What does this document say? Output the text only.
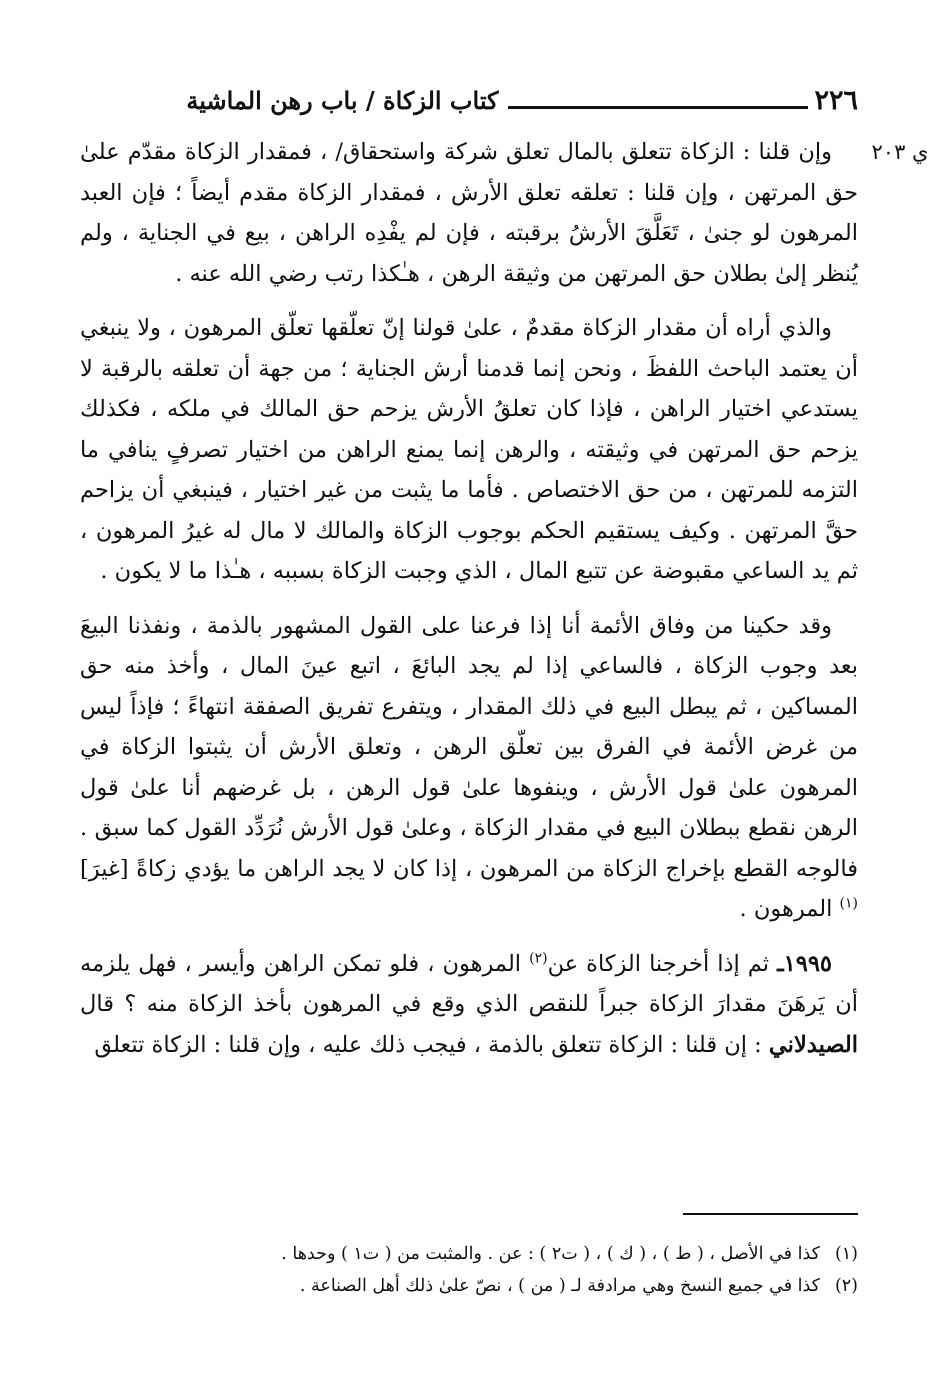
٢٢٦
كتاب الزكاة / باب رهن الماشية
ي ٢٠٣

وإن قلنا : الزكاة تتعلق بالمال تعلق شركة واستحقاق/ ، فمقدار الزكاة مقدّم علىٰ حق المرتهن ، وإن قلنا : تعلقه تعلق الأرش ، فمقدار الزكاة مقدم أيضاً ؛ فإن العبد المرهون لو جنىٰ ، تَعَلَّقَ الأرشُ برقبته ، فإن لم يفْدِه الراهن ، بيع في الجناية ، ولم يُنظر إلىٰ بطلان حق المرتهن من وثيقة الرهن ، هـٰكذا رتب رضي الله عنه .

والذي أراه أن مقدار الزكاة مقدمٌ ، علىٰ قولنا إنّ تعلّقها تعلّق المرهون ، ولا ينبغي أن يعتمد الباحث اللفظَ ، ونحن إنما قدمنا أرش الجناية ؛ من جهة أن تعلقه بالرقبة لا يستدعي اختيار الراهن ، فإذا كان تعلقُ الأرش يزحم حق المالك في ملكه ، فكذلك يزحم حق المرتهن في وثيقته ، والرهن إنما يمنع الراهن من اختيار تصرفٍ ينافي ما التزمه للمرتهن ، من حق الاختصاص . فأما ما يثبت من غير اختيار ، فينبغي أن يزاحم حقَّ المرتهن . وكيف يستقيم الحكم بوجوب الزكاة والمالك لا مال له غيرُ المرهون ، ثم يد الساعي مقبوضة عن تتبع المال ، الذي وجبت الزكاة بسببه ، هـٰذا ما لا يكون .

وقد حكينا من وفاق الأئمة أنا إذا فرعنا على القول المشهور بالذمة ، ونفذنا البيعَ بعد وجوب الزكاة ، فالساعي إذا لم يجد البائعَ ، اتبع عينَ المال ، وأخذ منه حق المساكين ، ثم يبطل البيع في ذلك المقدار ، ويتفرع تفريق الصفقة انتهاءً ؛ فإذاً ليس من غرض الأئمة في الفرق بين تعلّق الرهن ، وتعلق الأرش أن يثبتوا الزكاة في المرهون علىٰ قول الأرش ، وينفوها علىٰ قول الرهن ، بل غرضهم أنا علىٰ قول الرهن نقطع ببطلان البيع في مقدار الزكاة ، وعلىٰ قول الأرش نُرَدِّد القول كما سبق . فالوجه القطع بإخراج الزكاة من المرهون ، إذا كان لا يجد الراهن ما يؤدي زكاةً [غيرَ]$^{(١)}$ المرهون .

١٩٩٥ـ ثم إذا أخرجنا الزكاة عن$^{(٢)}$ المرهون ، فلو تمكن الراهن وأيسر ، فهل يلزمه أن يَرهَنَ مقدارَ الزكاة جبراً للنقص الذي وقع في المرهون بأخذ الزكاة منه ؟ قال الصيدلاني : إن قلنا : الزكاة تتعلق بالذمة ، فيجب ذلك عليه ، وإن قلنا : الزكاة تتعلق

(١)كذا في الأصل ، ( ط ) ، ( ك ) ، ( ت٢ ) : عن . والمثبت من ( ت١ ) وحدها .

(٢)كذا في جميع النسخ وهي مرادفة لـ ( من ) ، نصّ علىٰ ذلك أهل الصناعة .
